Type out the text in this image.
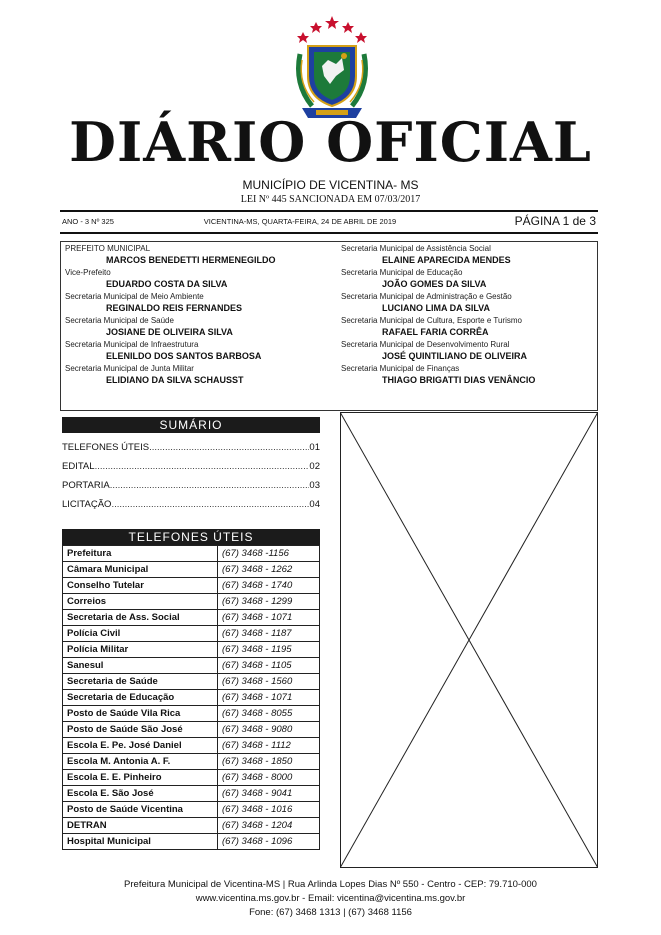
DIÁRIO OFICIAL
MUNICÍPIO DE VICENTINA- MS
LEI Nº 445 SANCIONADA EM 07/03/2017
ANO - 3 Nº 325	VICENTINA-MS, QUARTA-FEIRA, 24 DE ABRIL DE 2019	PÁGINA 1 de 3
PREFEITO MUNICIPAL
MARCOS BENEDETTI HERMENEGILDO
Vice-Prefeito
EDUARDO COSTA DA SILVA
Secretaria Municipal de Meio Ambiente
REGINALDO REIS FERNANDES
Secretaria Municipal de Saúde
JOSIANE DE OLIVEIRA SILVA
Secretaria Municipal de Infraestrutura
ELENILDO DOS SANTOS BARBOSA
Secretaria Municipal de Junta Militar
ELIDIANO DA SILVA SCHAUSST
Secretaria Municipal de Assistência Social
ELAINE APARECIDA MENDES
Secretaria Municipal de Educação
JOÃO GOMES DA SILVA
Secretaria Municipal de Administração e Gestão
LUCIANO LIMA DA SILVA
Secretaria Municipal de Cultura, Esporte e Turismo
RAFAEL FARIA CORRÊA
Secretaria Municipal de Desenvolvimento Rural
JOSÉ QUINTILIANO DE OLIVEIRA
Secretaria Municipal de Finanças
THIAGO BRIGATTI DIAS VENÂNCIO
SUMÁRIO
TELEFONES ÚTEIS .....	01
EDITAL .....	02
PORTARIA .....	03
LICITAÇÃO .....	04
TELEFONES ÚTEIS
Prefeitura	(67) 3468 -1156
Câmara Municipal	(67) 3468 - 1262
Conselho Tutelar	(67) 3468 - 1740
Correios	(67) 3468 - 1299
Secretaria de Ass. Social	(67) 3468 - 1071
Polícia Civil	(67) 3468 - 1187
Polícia Militar	(67) 3468 - 1195
Sanesul	(67) 3468 - 1105
Secretaria de Saúde	(67) 3468 - 1560
Secretaria de Educação	(67) 3468 - 1071
Posto de Saúde Vila Rica	(67) 3468 - 8055
Posto de Saúde São José	(67) 3468 - 9080
Escola E. Pe. José Daniel	(67) 3468 - 1112
Escola M. Antonia A. F.	(67) 3468 - 1850
Escola E. E. Pinheiro	(67) 3468 - 8000
Escola E. São José	(67) 3468 - 9041
Posto de Saúde Vicentina	(67) 3468 - 1016
DETRAN	(67) 3468 - 1204
Hospital Municipal	(67) 3468 - 1096
Prefeitura Municipal de Vicentina-MS | Rua Arlinda Lopes Dias Nº 550 - Centro - CEP: 79.710-000
www.vicentina.ms.gov.br - Email: vicentina@vicentina.ms.gov.br
Fone: (67) 3468 1313 | (67) 3468 1156
